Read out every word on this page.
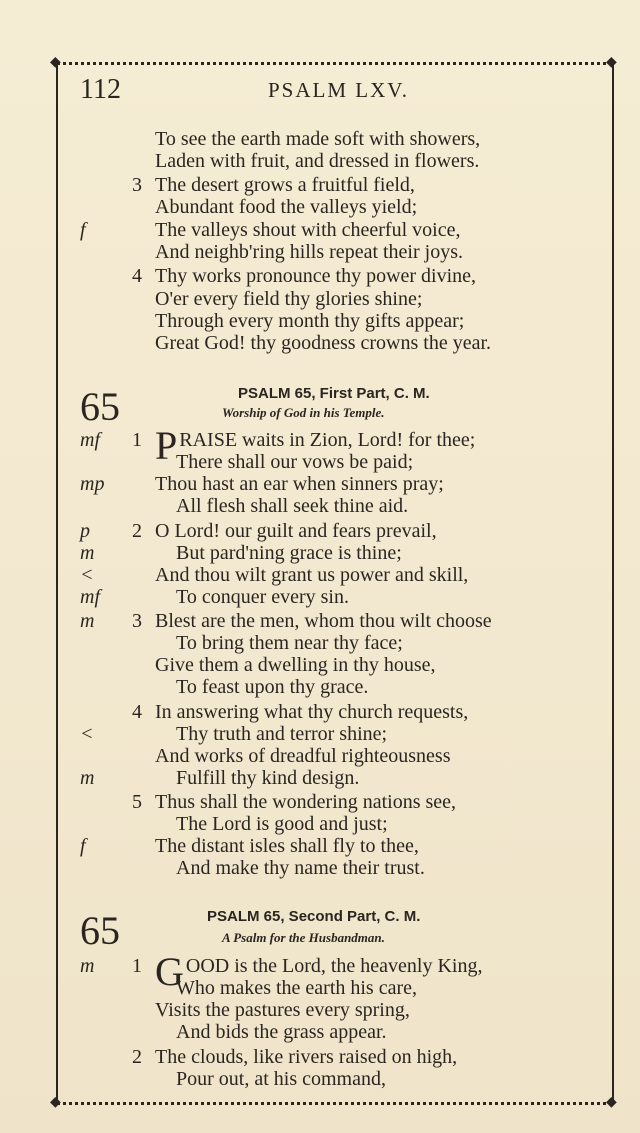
◆	◆
◆	◆
112	PSALM LXV.
To see the earth made soft with showers,
Laden with fruit, and dressed in flowers.
3 The desert grows a fruitful field,
Abundant food the valleys yield;
f	The valleys shout with cheerful voice,
And neighb'ring hills repeat their joys.
4 Thy works pronounce thy power divine,
O'er every field thy glories shine;
Through every month thy gifts appear;
Great God! thy goodness crowns the year.
65	PSALM 65, First Part, C. M.
Worship of God in his Temple.
mf 1 PRAISE waits in Zion, Lord! for thee;
There shall our vows be paid;
mp	Thou hast an ear when sinners pray;
All flesh shall seek thine aid.
p 2 O Lord! our guilt and fears prevail,
m	But pard'ning grace is thine;
<	And thou wilt grant us power and skill,
mf	To conquer every sin.
m 3 Blest are the men, whom thou wilt choose
To bring them near thy face;
Give them a dwelling in thy house,
To feast upon thy grace.
4 In answering what thy church requests,
<	Thy truth and terror shine;
And works of dreadful righteousness
m	Fulfill thy kind design.
5 Thus shall the wondering nations see,
The Lord is good and just;
f	The distant isles shall fly to thee,
And make thy name their trust.
65	PSALM 65, Second Part, C. M.
A Psalm for the Husbandman.
m 1 GOOD is the Lord, the heavenly King,
Who makes the earth his care,
Visits the pastures every spring,
And bids the grass appear.
2 The clouds, like rivers raised on high,
Pour out, at his command,
